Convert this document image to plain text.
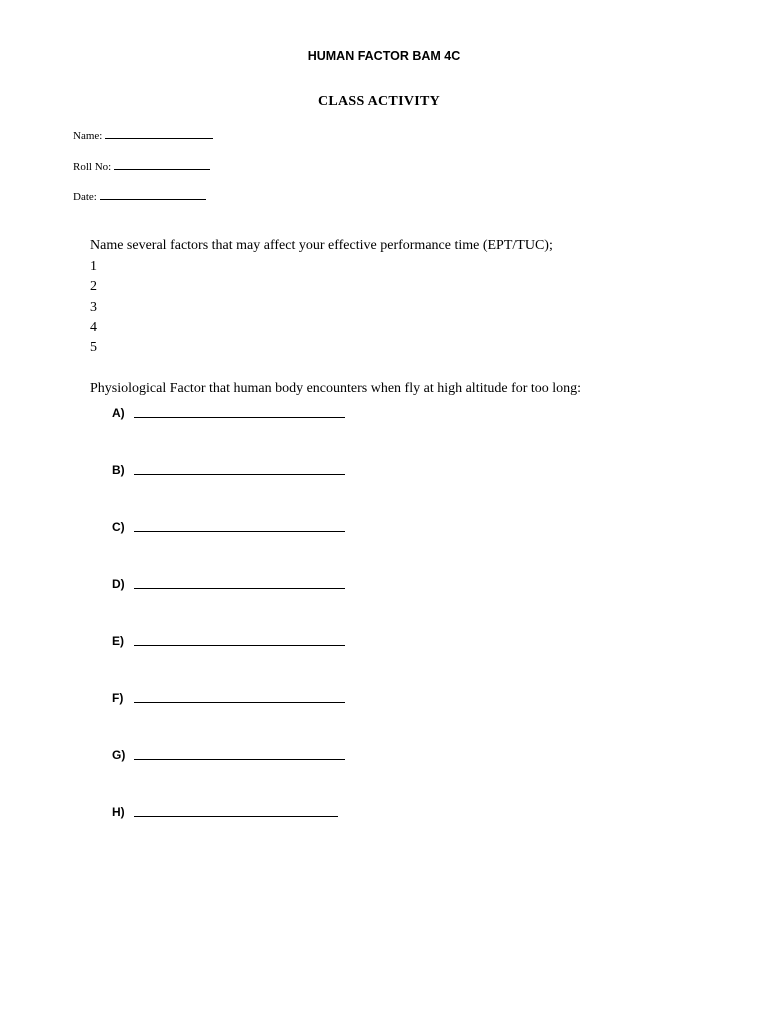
HUMAN FACTOR BAM 4C
CLASS ACTIVITY
Name:
Roll No:
Date:
Name several factors that may affect your effective performance time (EPT/TUC);
1
2
3
4
5
Physiological Factor that human body encounters when fly at high altitude for too long:
A)
B)
C)
D)
E)
F)
G)
H)
